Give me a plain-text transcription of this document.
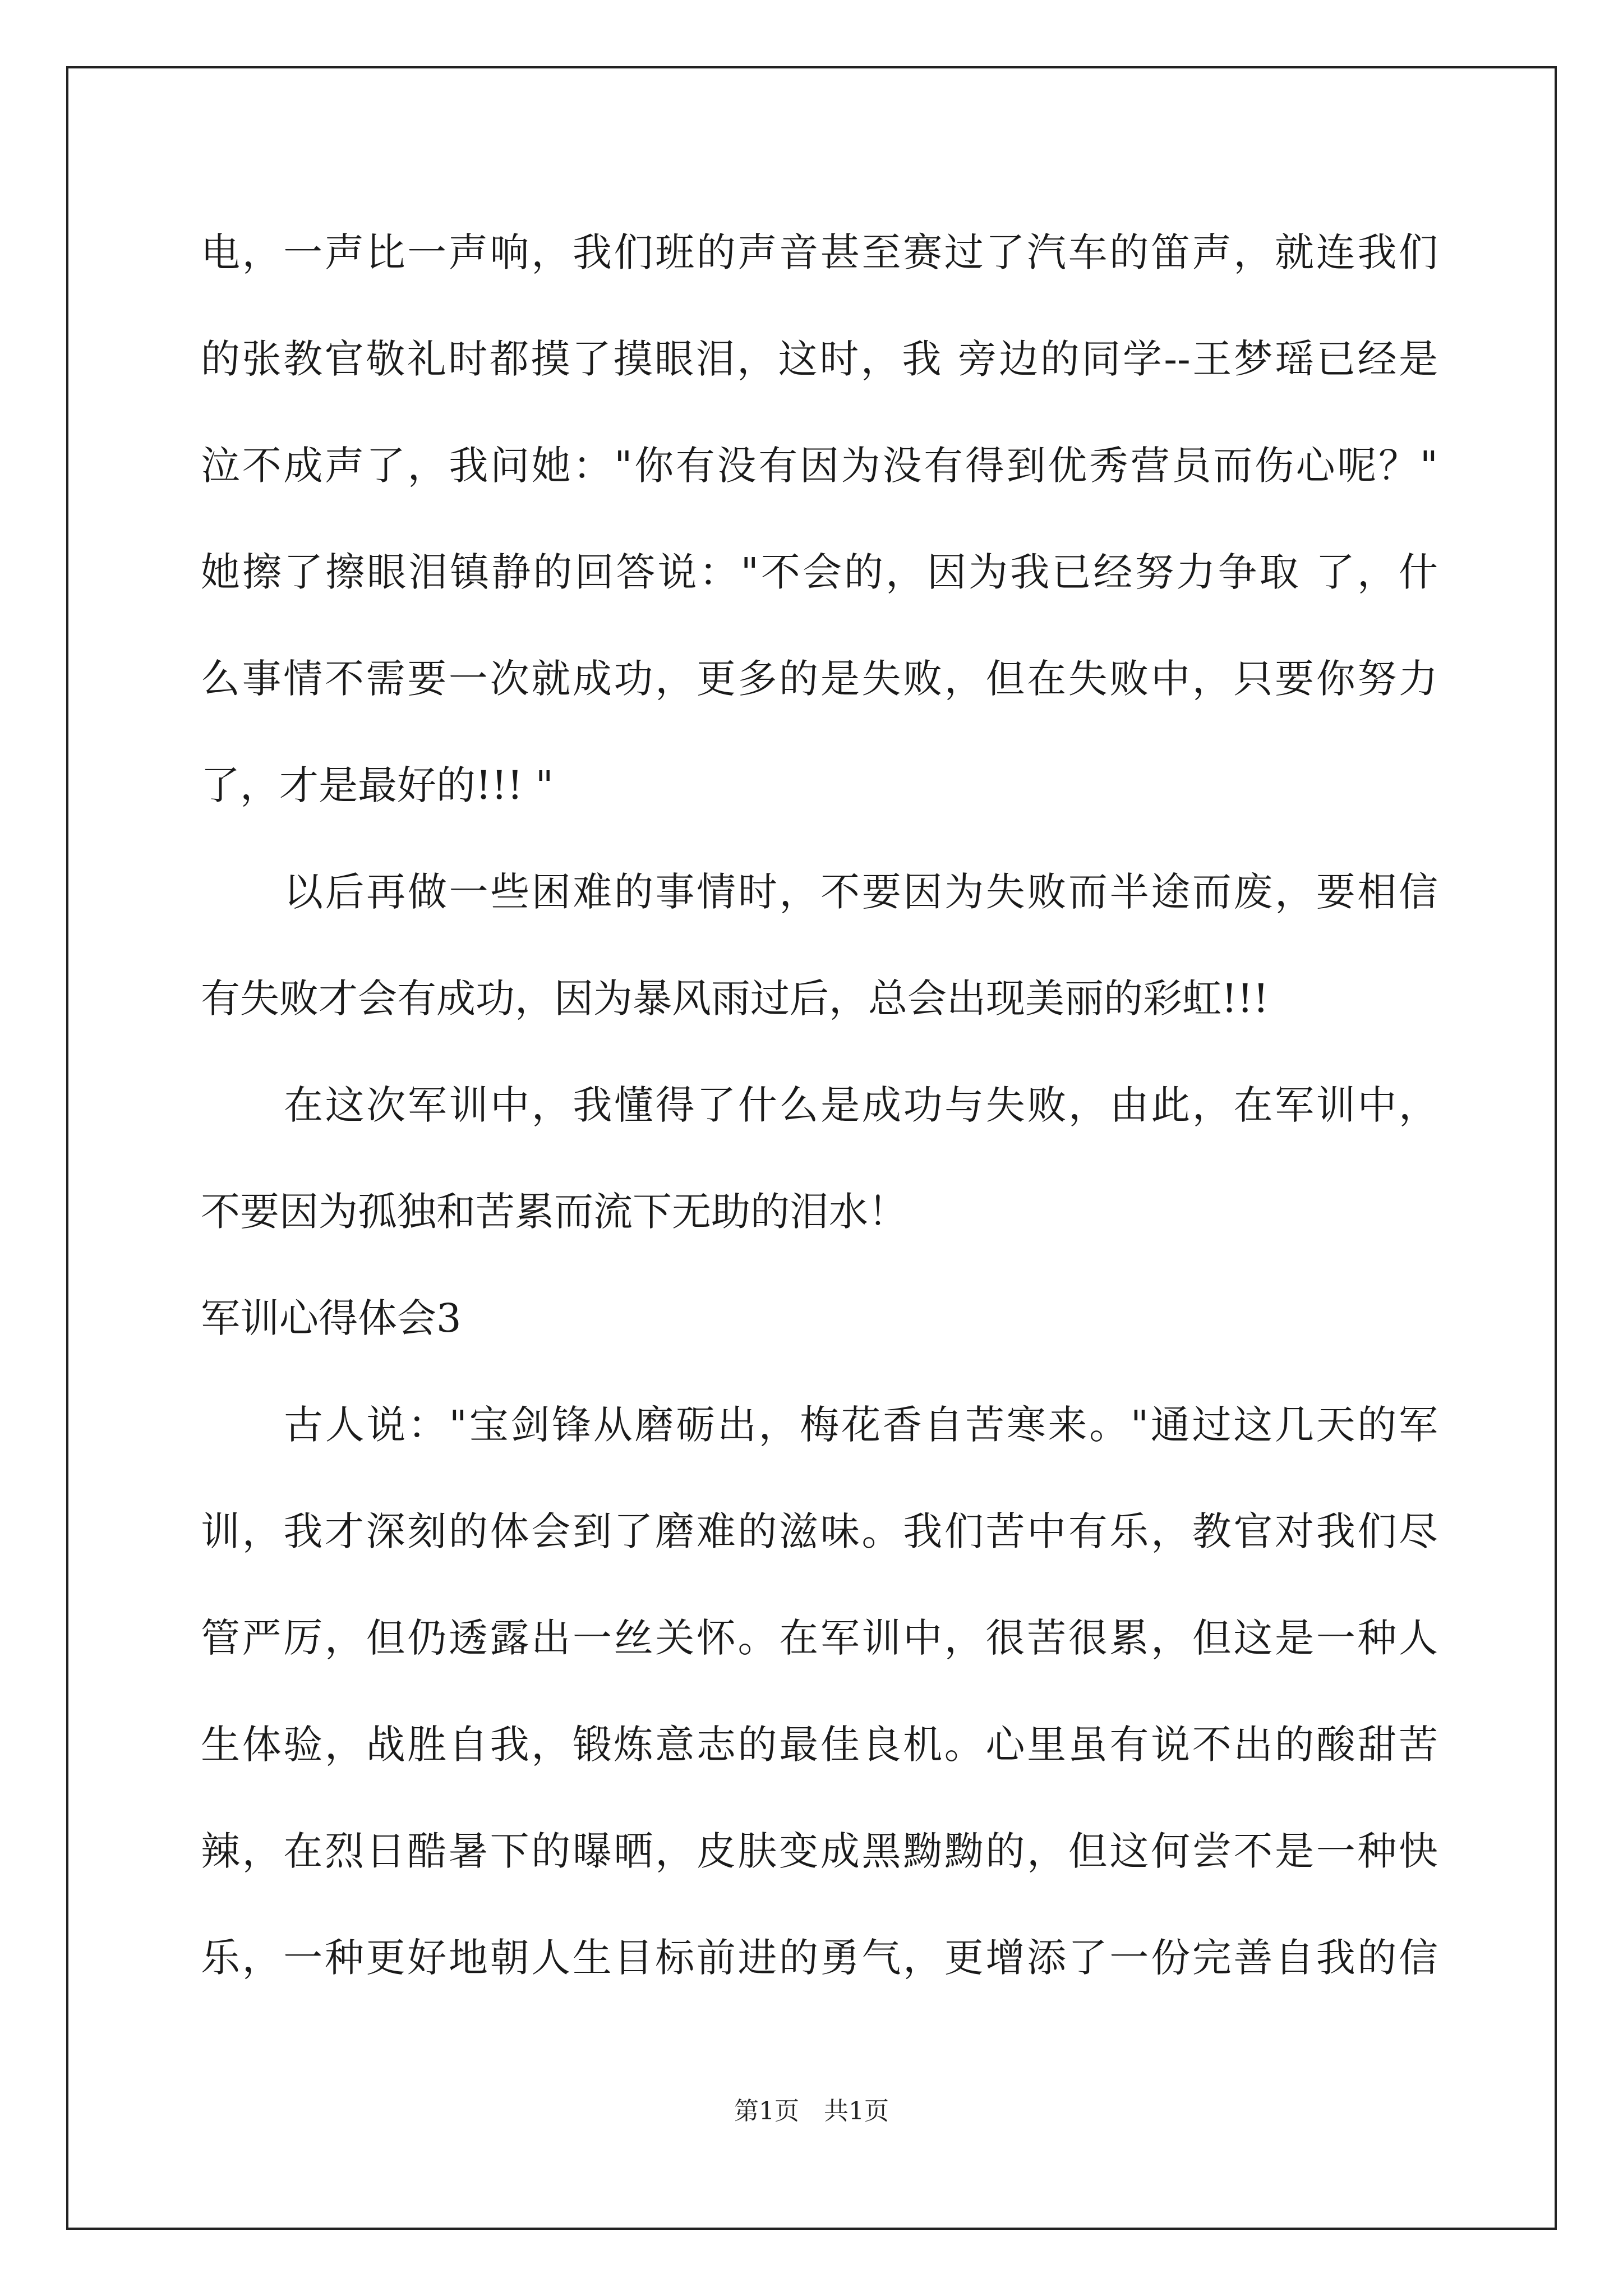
电，一声比一声响，我们班的声音甚至赛过了汽车的笛声，就连我们
的张教官敬礼时都摸了摸眼泪，这时，我 旁边的同学--王梦瑶已经是
泣不成声了，我问她："你有没有因为没有得到优秀营员而伤心呢？"
她擦了擦眼泪镇静的回答说："不会的，因为我已经努力争取 了，什
么事情不需要一次就成功，更多的是失败，但在失败中，只要你努力
了，才是最好的!!! "
以后再做一些困难的事情时，不要因为失败而半途而废，要相信
有失败才会有成功，因为暴风雨过后，总会出现美丽的彩虹!!!
在这次军训中，我懂得了什么是成功与失败，由此，在军训中，
不要因为孤独和苦累而流下无助的泪水！
军训心得体会3
古人说："宝剑锋从磨砺出，梅花香自苦寒来。"通过这几天的军
训，我才深刻的体会到了磨难的滋味。我们苦中有乐，教官对我们尽
管严厉，但仍透露出一丝关怀。在军训中，很苦很累，但这是一种人
生体验，战胜自我，锻炼意志的最佳良机。心里虽有说不出的酸甜苦
辣，在烈日酷暑下的曝晒，皮肤变成黑黝黝的，但这何尝不是一种快
乐，一种更好地朝人生目标前进的勇气，更增添了一份完善自我的信
第1页　共1页
